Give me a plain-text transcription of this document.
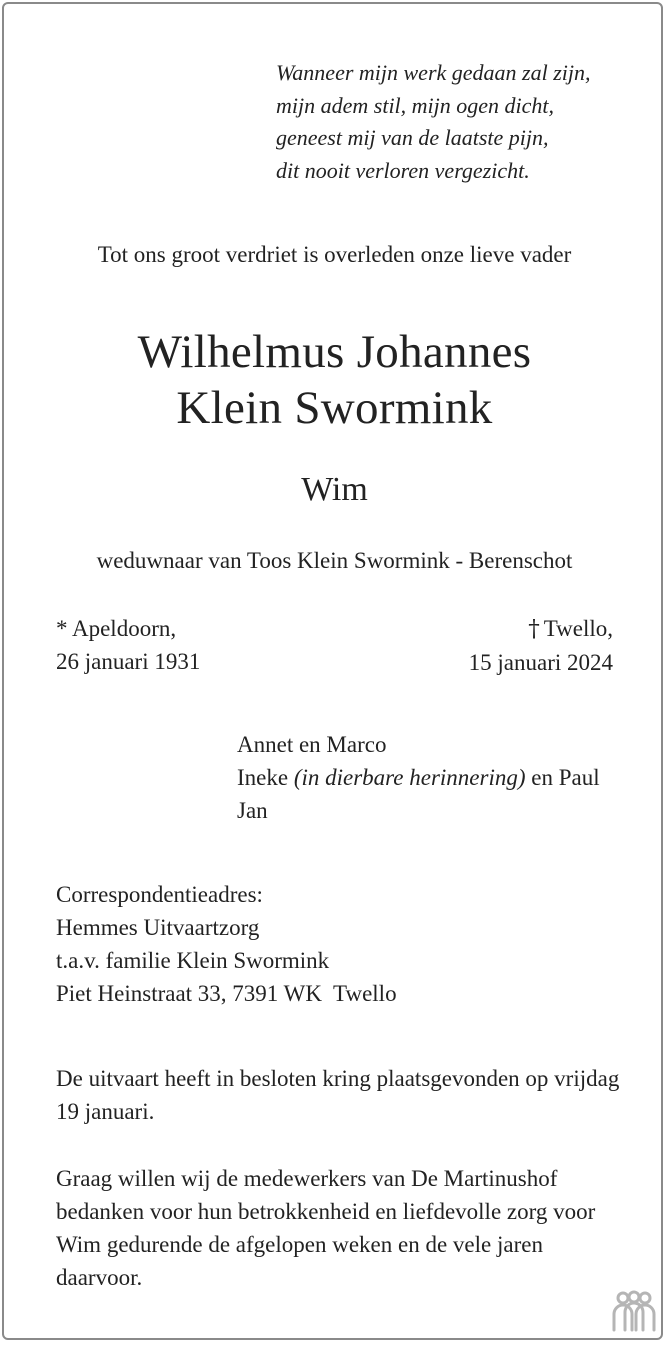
Wanneer mijn werk gedaan zal zijn,
mijn adem stil, mijn ogen dicht,
geneest mij van de laatste pijn,
dit nooit verloren vergezicht.
Tot ons groot verdriet is overleden onze lieve vader
Wilhelmus Johannes
Klein Swormink
Wim
weduwnaar van Toos Klein Swormink - Berenschot
* Apeldoorn,
26 januari 1931
† Twello,
15 januari 2024
Annet en Marco
Ineke (in dierbare herinnering) en Paul
Jan
Correspondentieadres:
Hemmes Uitvaartzorg
t.a.v. familie Klein Swormink
Piet Heinstraat 33, 7391 WK  Twello
De uitvaart heeft in besloten kring plaatsgevonden op vrijdag 19 januari.
Graag willen wij de medewerkers van De Martinushof bedanken voor hun betrokkenheid en liefdevolle zorg voor Wim gedurende de afgelopen weken en de vele jaren daarvoor.
